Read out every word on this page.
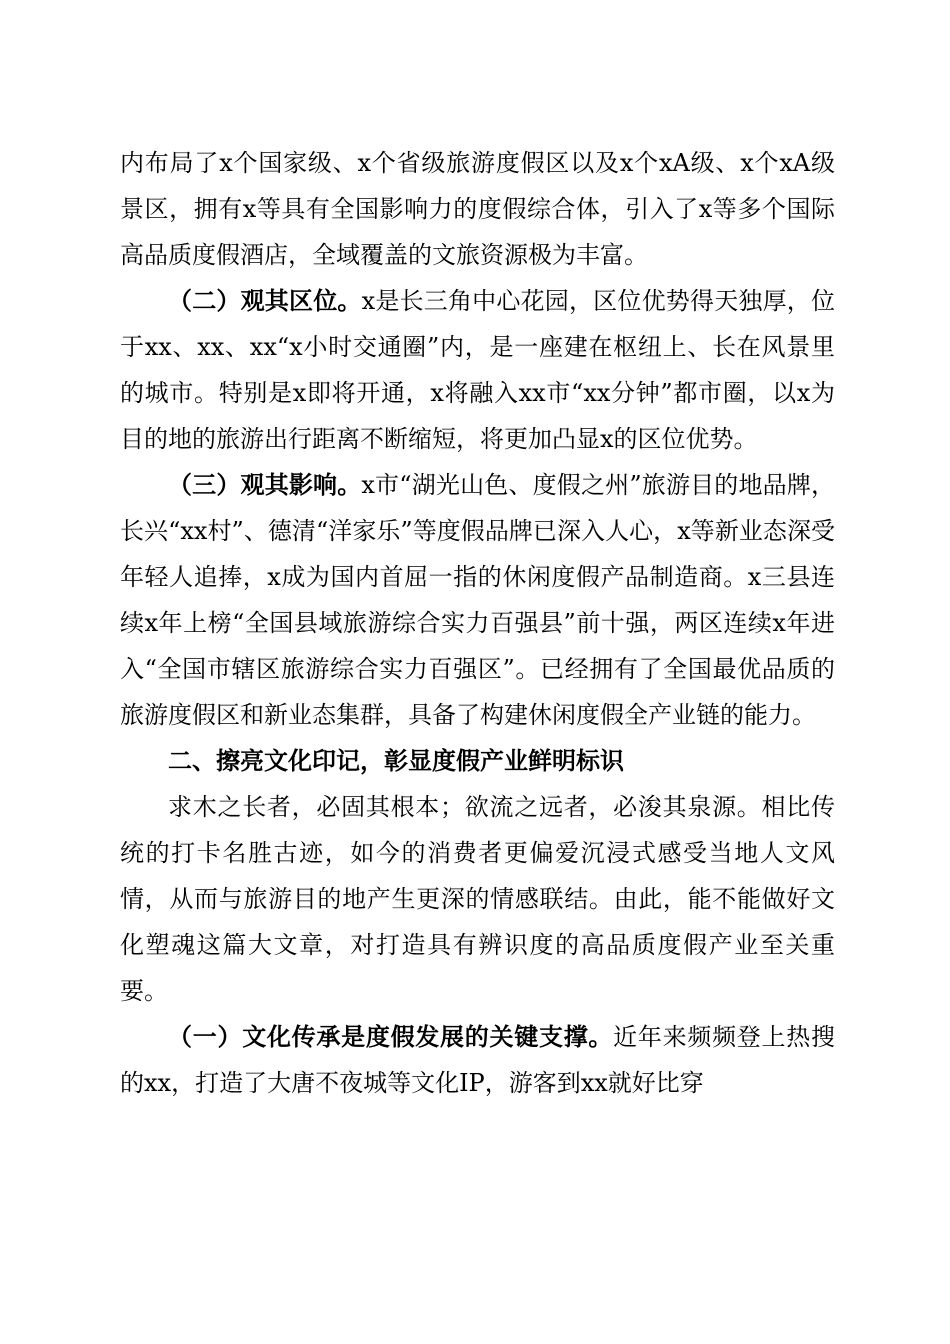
内布局了x个国家级、x个省级旅游度假区以及x个xA级、x个xA级景区，拥有x等具有全国影响力的度假综合体，引入了x等多个国际高品质度假酒店，全域覆盖的文旅资源极为丰富。

（二）观其区位。x是长三角中心花园，区位优势得天独厚，位于xx、xx、xx“x小时交通圈”内，是一座建在枢纽上、长在风景里的城市。特别是x即将开通，x将融入xx市“xx分钟”都市圈，以x为目的地的旅游出行距离不断缩短，将更加凸显x的区位优势。

（三）观其影响。x市“湖光山色、度假之州”旅游目的地品牌，长兴“xx村”、德清“洋家乐”等度假品牌已深入人心，x等新业态深受年轻人追捧，x成为国内首屈一指的休闲度假产品制造商。x三县连续x年上榜“全国县域旅游综合实力百强县”前十强，两区连续x年进入“全国市辖区旅游综合实力百强区”。已经拥有了全国最优品质的旅游度假区和新业态集群，具备了构建休闲度假全产业链的能力。

二、擦亮文化印记，彰显度假产业鲜明标识

求木之长者，必固其根本；欲流之远者，必浚其泉源。相比传统的打卡名胜古迹，如今的消费者更偏爱沉浸式感受当地人文风情，从而与旅游目的地产生更深的情感联结。由此，能不能做好文化塑魂这篇大文章，对打造具有辨识度的高品质度假产业至关重要。

（一）文化传承是度假发展的关键支撑。近年来频频登上热搜的xx，打造了大唐不夜城等文化IP，游客到xx就好比穿
